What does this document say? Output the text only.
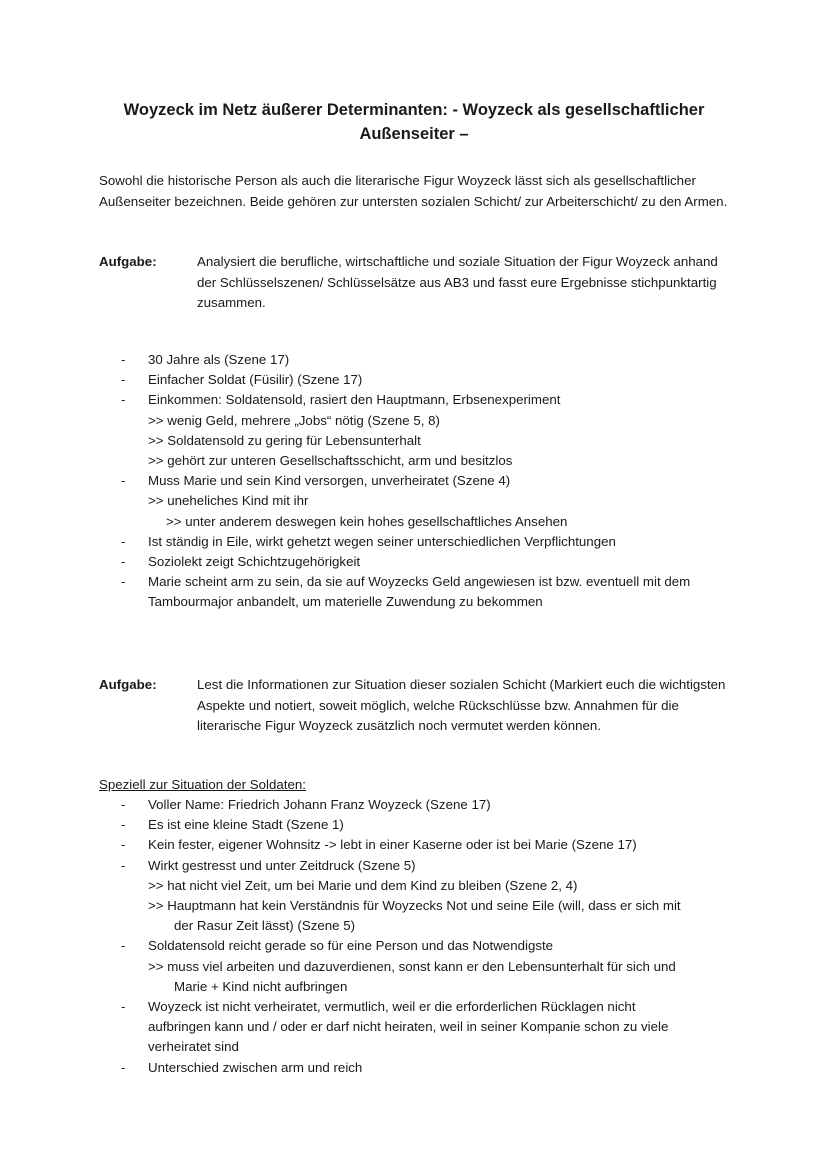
Woyzeck im Netz äußerer Determinanten: - Woyzeck als gesellschaftlicher
Außenseiter –
Sowohl die historische Person als auch die literarische Figur Woyzeck lässt sich als gesellschaftlicher Außenseiter bezeichnen. Beide gehören zur untersten sozialen Schicht/ zur Arbeiterschicht/ zu den Armen.
Aufgabe:	Analysiert die berufliche, wirtschaftliche und soziale Situation der Figur Woyzeck anhand der Schlüsselszenen/ Schlüsselsätze aus AB3 und fasst eure Ergebnisse stichpunktartig zusammen.
- 30 Jahre als (Szene 17)
- Einfacher Soldat (Füsilir) (Szene 17)
- Einkommen: Soldatensold, rasiert den Hauptmann, Erbsenexperiment
>> wenig Geld, mehrere „Jobs“ nötig (Szene 5, 8)
>> Soldatensold zu gering für Lebensunterhalt
>> gehört zur unteren Gesellschaftsschicht, arm und besitzlos
- Muss Marie und sein Kind versorgen, unverheiratet (Szene 4)
>> uneheliches Kind mit ihr
>> unter anderem deswegen kein hohes gesellschaftliches Ansehen
- Ist ständig in Eile, wirkt gehetzt wegen seiner unterschiedlichen Verpflichtungen
- Soziolekt zeigt Schichtzugehörigkeit
- Marie scheint arm zu sein, da sie auf Woyzecks Geld angewiesen ist bzw. eventuell mit dem
Tambourmajor anbandelt, um materielle Zuwendung zu bekommen
Aufgabe:	Lest die Informationen zur Situation dieser sozialen Schicht (Markiert euch die wichtigsten Aspekte und notiert, soweit möglich, welche Rückschlüsse bzw. Annahmen für die literarische Figur Woyzeck zusätzlich noch vermutet werden können.
Speziell zur Situation der Soldaten:
- Voller Name: Friedrich Johann Franz Woyzeck (Szene 17)
- Es ist eine kleine Stadt (Szene 1)
- Kein fester, eigener Wohnsitz -> lebt in einer Kaserne oder ist bei Marie (Szene 17)
- Wirkt gestresst und unter Zeitdruck (Szene 5)
>> hat nicht viel Zeit, um bei Marie und dem Kind zu bleiben (Szene 2, 4)
>> Hauptmann hat kein Verständnis für Woyzecks Not und seine Eile (will, dass er sich mit
der Rasur Zeit lässt) (Szene 5)
- Soldatensold reicht gerade so für eine Person und das Notwendigste
>> muss viel arbeiten und dazuverdienen, sonst kann er den Lebensunterhalt für sich und
Marie + Kind nicht aufbringen
- Woyzeck ist nicht verheiratet, vermutlich, weil er die erforderlichen Rücklagen nicht
aufbringen kann und / oder er darf nicht heiraten, weil in seiner Kompanie schon zu viele
verheiratet sind
- Unterschied zwischen arm und reich
